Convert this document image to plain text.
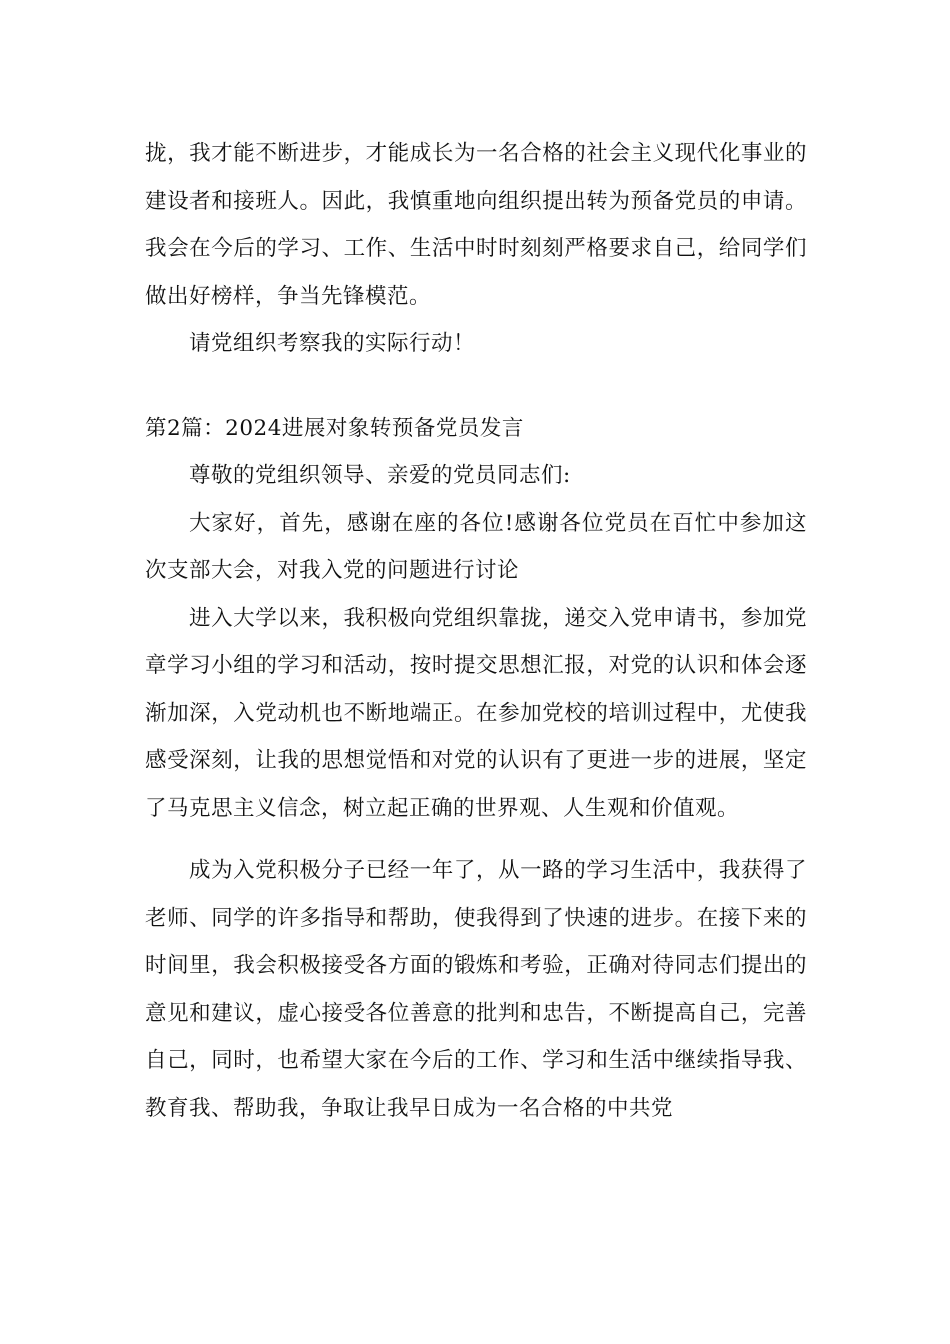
拢，我才能不断进步，才能成长为一名合格的社会主义现代化事业的建设者和接班人。因此，我慎重地向组织提出转为预备党员的申请。我会在今后的学习、工作、生活中时时刻刻严格要求自己，给同学们做出好榜样，争当先锋模范。

请党组织考察我的实际行动！

第2篇：2024进展对象转预备党员发言

尊敬的党组织领导、亲爱的党员同志们:

大家好，首先，感谢在座的各位!感谢各位党员在百忙中参加这次支部大会，对我入党的问题进行讨论

进入大学以来，我积极向党组织靠拢，递交入党申请书，参加党章学习小组的学习和活动，按时提交思想汇报，对党的认识和体会逐渐加深，入党动机也不断地端正。在参加党校的培训过程中，尤使我感受深刻，让我的思想觉悟和对党的认识有了更进一步的进展，坚定了马克思主义信念，树立起正确的世界观、人生观和价值观。

成为入党积极分子已经一年了，从一路的学习生活中，我获得了老师、同学的许多指导和帮助，使我得到了快速的进步。在接下来的时间里，我会积极接受各方面的锻炼和考验，正确对待同志们提出的意见和建议，虚心接受各位善意的批判和忠告，不断提高自己，完善自己，同时，也希望大家在今后的工作、学习和生活中继续指导我、教育我、帮助我，争取让我早日成为一名合格的中共党
